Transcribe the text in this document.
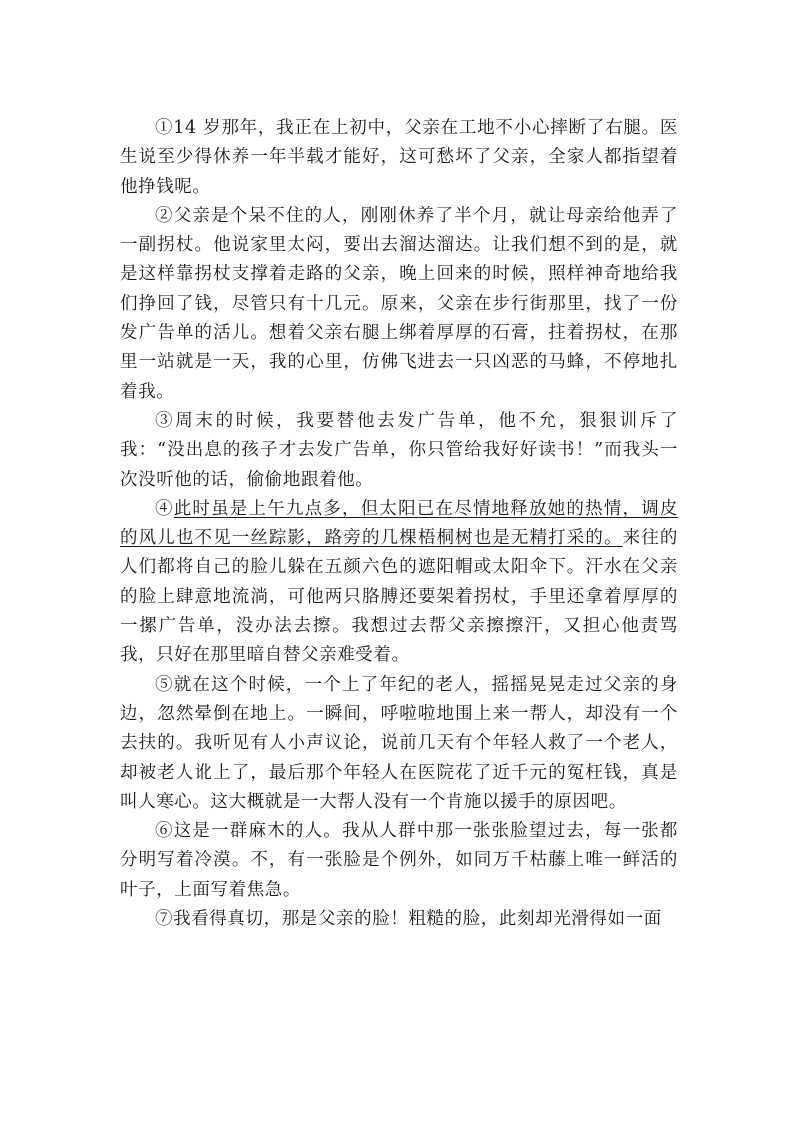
①14 岁那年，我正在上初中，父亲在工地不小心摔断了右腿。医生说至少得休养一年半载才能好，这可愁坏了父亲，全家人都指望着他挣钱呢。

②父亲是个呆不住的人，刚刚休养了半个月，就让母亲给他弄了一副拐杖。他说家里太闷，要出去溜达溜达。让我们想不到的是，就是这样靠拐杖支撑着走路的父亲，晚上回来的时候，照样神奇地给我们挣回了钱，尽管只有十几元。原来，父亲在步行街那里，找了一份发广告单的活儿。想着父亲右腿上绑着厚厚的石膏，拄着拐杖，在那里一站就是一天，我的心里，仿佛飞进去一只凶恶的马蜂，不停地扎着我。

③周末的时候，我要替他去发广告单，他不允，狠狠训斥了我：“没出息的孩子才去发广告单，你只管给我好好读书！”而我头一次没听他的话，偷偷地跟着他。

④此时虽是上午九点多，但太阳已在尽情地释放她的热情，调皮的风儿也不见一丝踪影，路旁的几棵梧桐树也是无精打采的。来往的人们都将自己的脸儿躲在五颜六色的遮阳帽或太阳伞下。汗水在父亲的脸上肆意地流淌，可他两只胳膊还要架着拐杖，手里还拿着厚厚的一摞广告单，没办法去擦。我想过去帮父亲擦擦汗，又担心他责骂我，只好在那里暗自替父亲难受着。

⑤就在这个时候，一个上了年纪的老人，摇摇晃晃走过父亲的身边，忽然晕倒在地上。一瞬间，呼啦啦地围上来一帮人，却没有一个去扶的。我听见有人小声议论，说前几天有个年轻人救了一个老人，却被老人讹上了，最后那个年轻人在医院花了近千元的冤枉钱，真是叫人寒心。这大概就是一大帮人没有一个肯施以援手的原因吧。

⑥这是一群麻木的人。我从人群中那一张张脸望过去，每一张都分明写着冷漠。不，有一张脸是个例外，如同万千枯藤上唯一鲜活的叶子，上面写着焦急。

⑦我看得真切，那是父亲的脸！粗糙的脸，此刻却光滑得如一面
